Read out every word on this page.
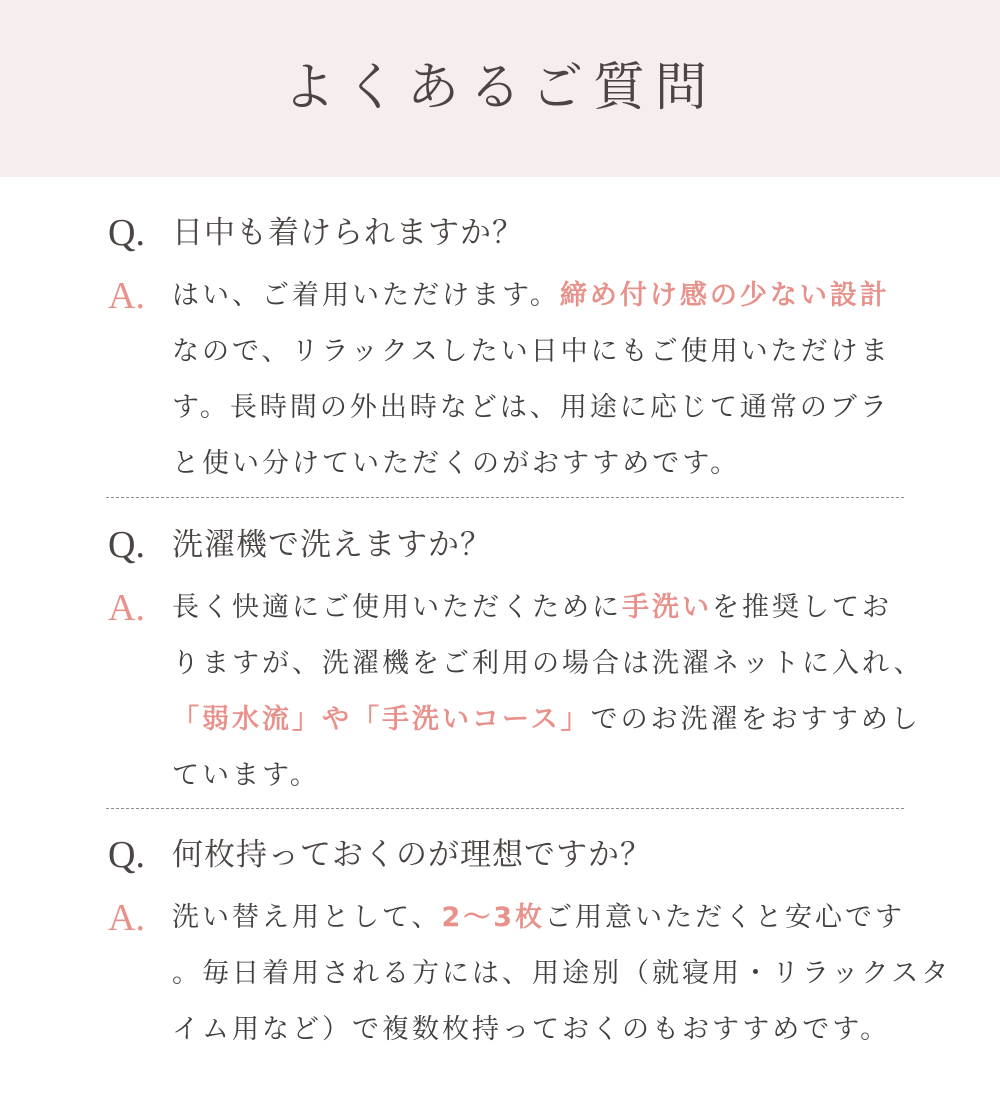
よくあるご質問
Q. 日中も着けられますか？
A. はい、ご着用いただけます。締め付け感の少ない設計
なので、リラックスしたい日中にもご使用いただけま
す。長時間の外出時などは、用途に応じて通常のブラ
と使い分けていただくのがおすすめです。
Q. 洗濯機で洗えますか？
A. 長く快適にご使用いただくために手洗いを推奨してお
りますが、洗濯機をご利用の場合は洗濯ネットに入れ、
「弱水流」や「手洗いコース」でのお洗濯をおすすめし
ています。
Q. 何枚持っておくのが理想ですか？
A. 洗い替え用として、2〜3枚ご用意いただくと安心です
。毎日着用される方には、用途別（就寝用・リラックスタ
イム用など）で複数枚持っておくのもおすすめです。
